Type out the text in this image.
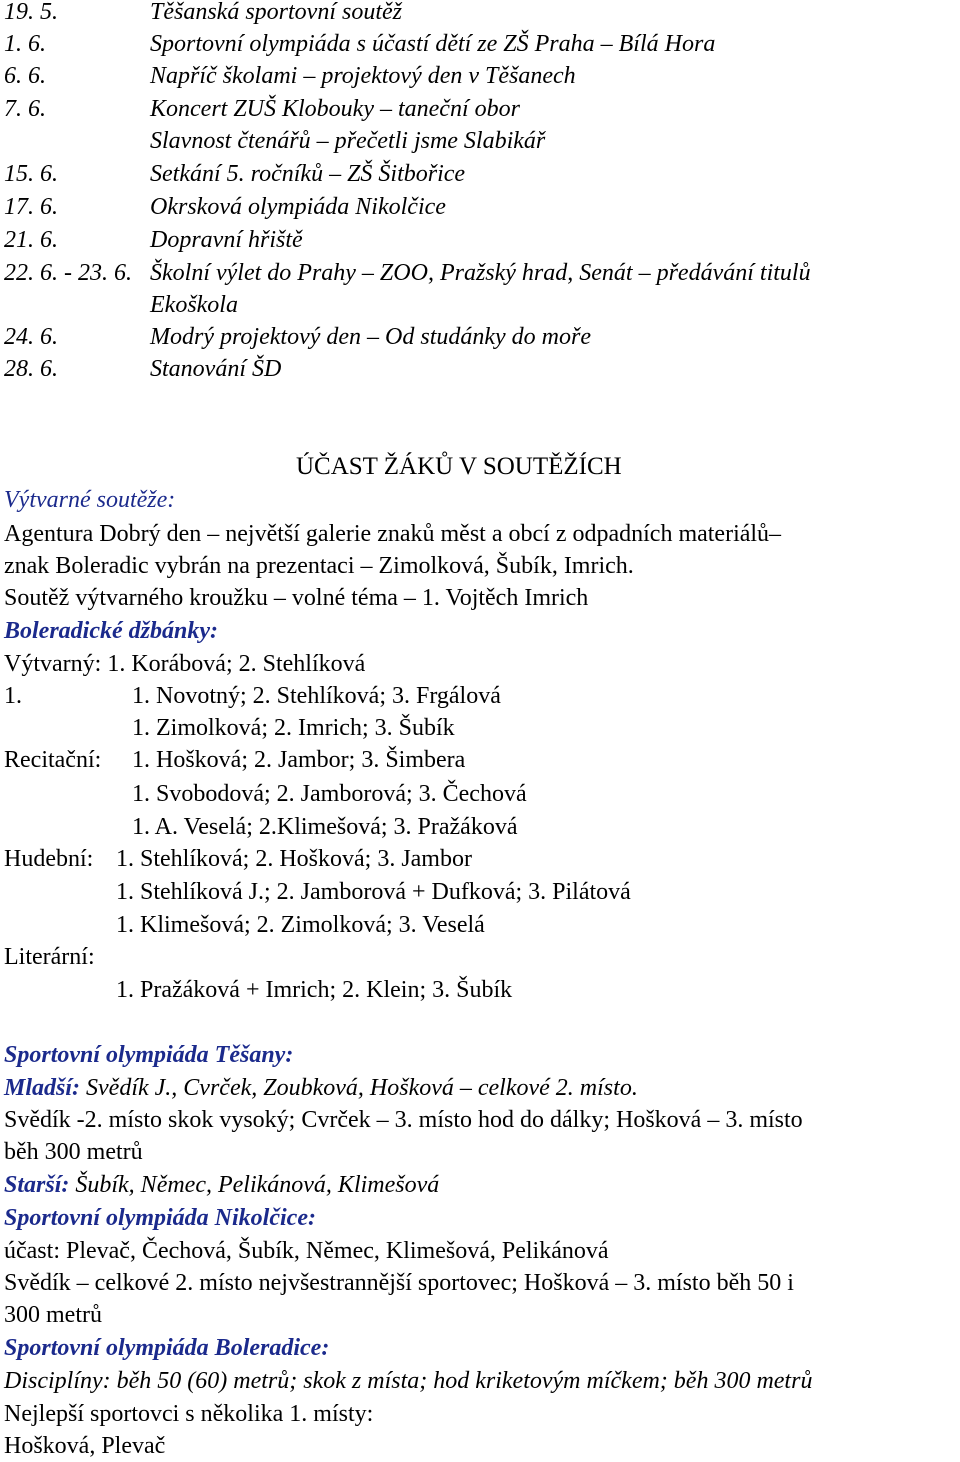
19. 5.	Těšanská sportovní soutěž
1. 6.	Sportovní olympiáda s účastí dětí ze ZŠ Praha – Bílá Hora
6. 6.	Napříč školami – projektový den v Těšanech
7. 6.	Koncert ZUŠ Klobouky – taneční obor
Slavnost čtenářů – přečetli jsme Slabikář
15. 6.	Setkání 5. ročníků – ZŠ Šitbořice
17. 6.	Okrsková olympiáda Nikolčice
21. 6.	Dopravní hřiště
22. 6. - 23. 6. Školní výlet do Prahy – ZOO, Pražský hrad, Senát – předávání titulů
Ekoškola
24. 6.	Modrý projektový den – Od studánky do moře
28. 6.	Stanování ŠD
ÚČAST ŽÁKŮ V SOUTĚŽÍCH
Výtvarné soutěže:
Agentura Dobrý den – největší galerie znaků měst a obcí z odpadních materiálů–
znak Boleradic vybrán na prezentaci – Zimolková, Šubík, Imrich.
Soutěž výtvarného kroužku – volné téma – 1. Vojtěch Imrich
Boleradické džbánky:
Výtvarný: 1. Korábová; 2. Stehlíková
1.	1. Novotný; 2. Stehlíková; 3. Frgálová
1. Zimolková; 2. Imrich; 3. Šubík
Recitační: 1. Hošková; 2. Jambor; 3. Šimbera
1. Svobodová; 2. Jamborová; 3. Čechová
1. A. Veselá; 2.Klimešová; 3. Pražáková
Hudební: 1. Stehlíková; 2. Hošková; 3. Jambor
1. Stehlíková J.; 2. Jamborová + Dufková; 3. Pilátová
1. Klimešová; 2. Zimolková; 3. Veselá
Literární:
1. Pražáková + Imrich; 2. Klein; 3. Šubík
Sportovní olympiáda Těšany:
Mladší: Svědík J., Cvrček, Zoubková, Hošková – celkové 2. místo.
Svědík -2. místo skok vysoký; Cvrček – 3. místo hod do dálky; Hošková – 3. místo
běh 300 metrů
Starší: Šubík, Němec, Pelikánová, Klimešová
Sportovní olympiáda Nikolčice:
účast: Plevač, Čechová, Šubík, Němec, Klimešová, Pelikánová
Svědík – celkové 2. místo nejvšestrannější sportovec; Hošková – 3. místo běh 50 i
300 metrů
Sportovní olympiáda Boleradice:
Disciplíny: běh 50 (60) metrů; skok z místa; hod kriketovým míčkem; běh 300 metrů
Nejlepší sportovci s několika 1. místy:
Hošková, Plevač
